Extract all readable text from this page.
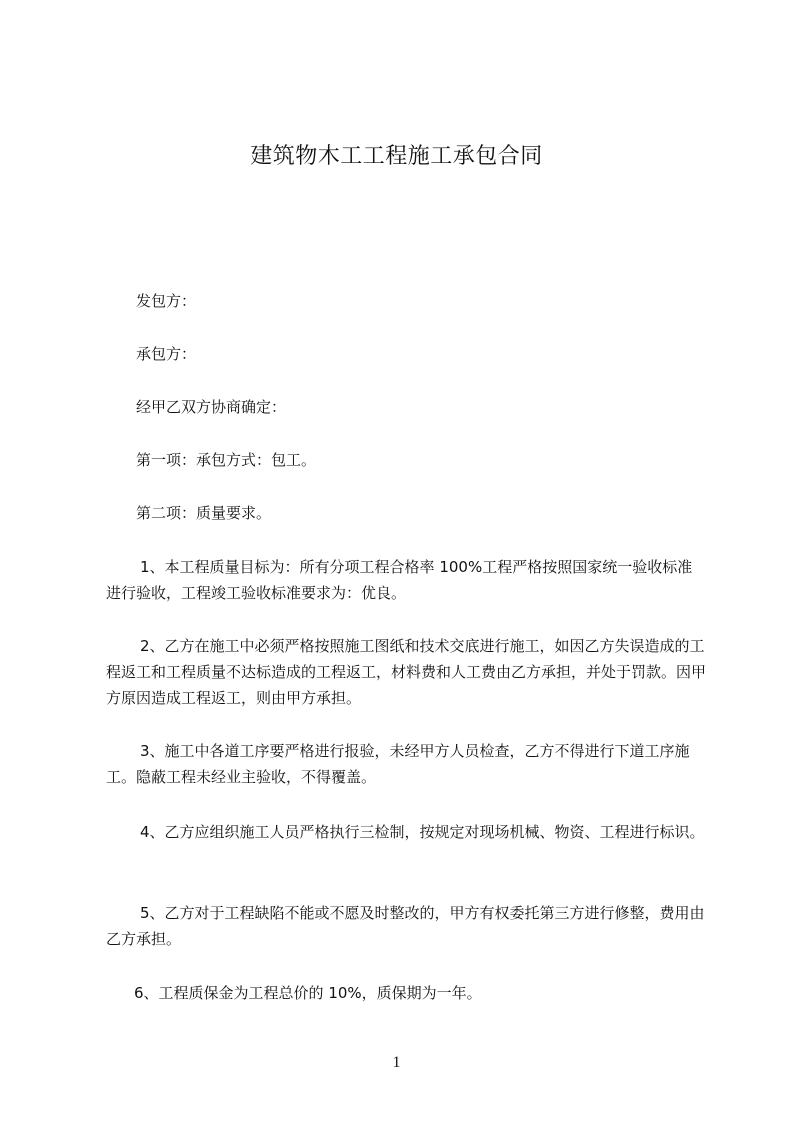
建筑物木工工程施工承包合同

发包方：

承包方：

经甲乙双方协商确定：

第一项：承包方式：包工。

第二项：质量要求。

1、本工程质量目标为：所有分项工程合格率 100%工程严格按照国家统一验收标准进行验收，工程竣工验收标准要求为：优良。

2、乙方在施工中必须严格按照施工图纸和技术交底进行施工，如因乙方失误造成的工程返工和工程质量不达标造成的工程返工，材料费和人工费由乙方承担，并处于罚款。因甲方原因造成工程返工，则由甲方承担。

3、施工中各道工序要严格进行报验，未经甲方人员检查，乙方不得进行下道工序施工。隐蔽工程未经业主验收，不得覆盖。

4、乙方应组织施工人员严格执行三检制，按规定对现场机械、物资、工程进行标识。

5、乙方对于工程缺陷不能或不愿及时整改的，甲方有权委托第三方进行修整，费用由乙方承担。

6、工程质保金为工程总价的 10%，质保期为一年。

1
